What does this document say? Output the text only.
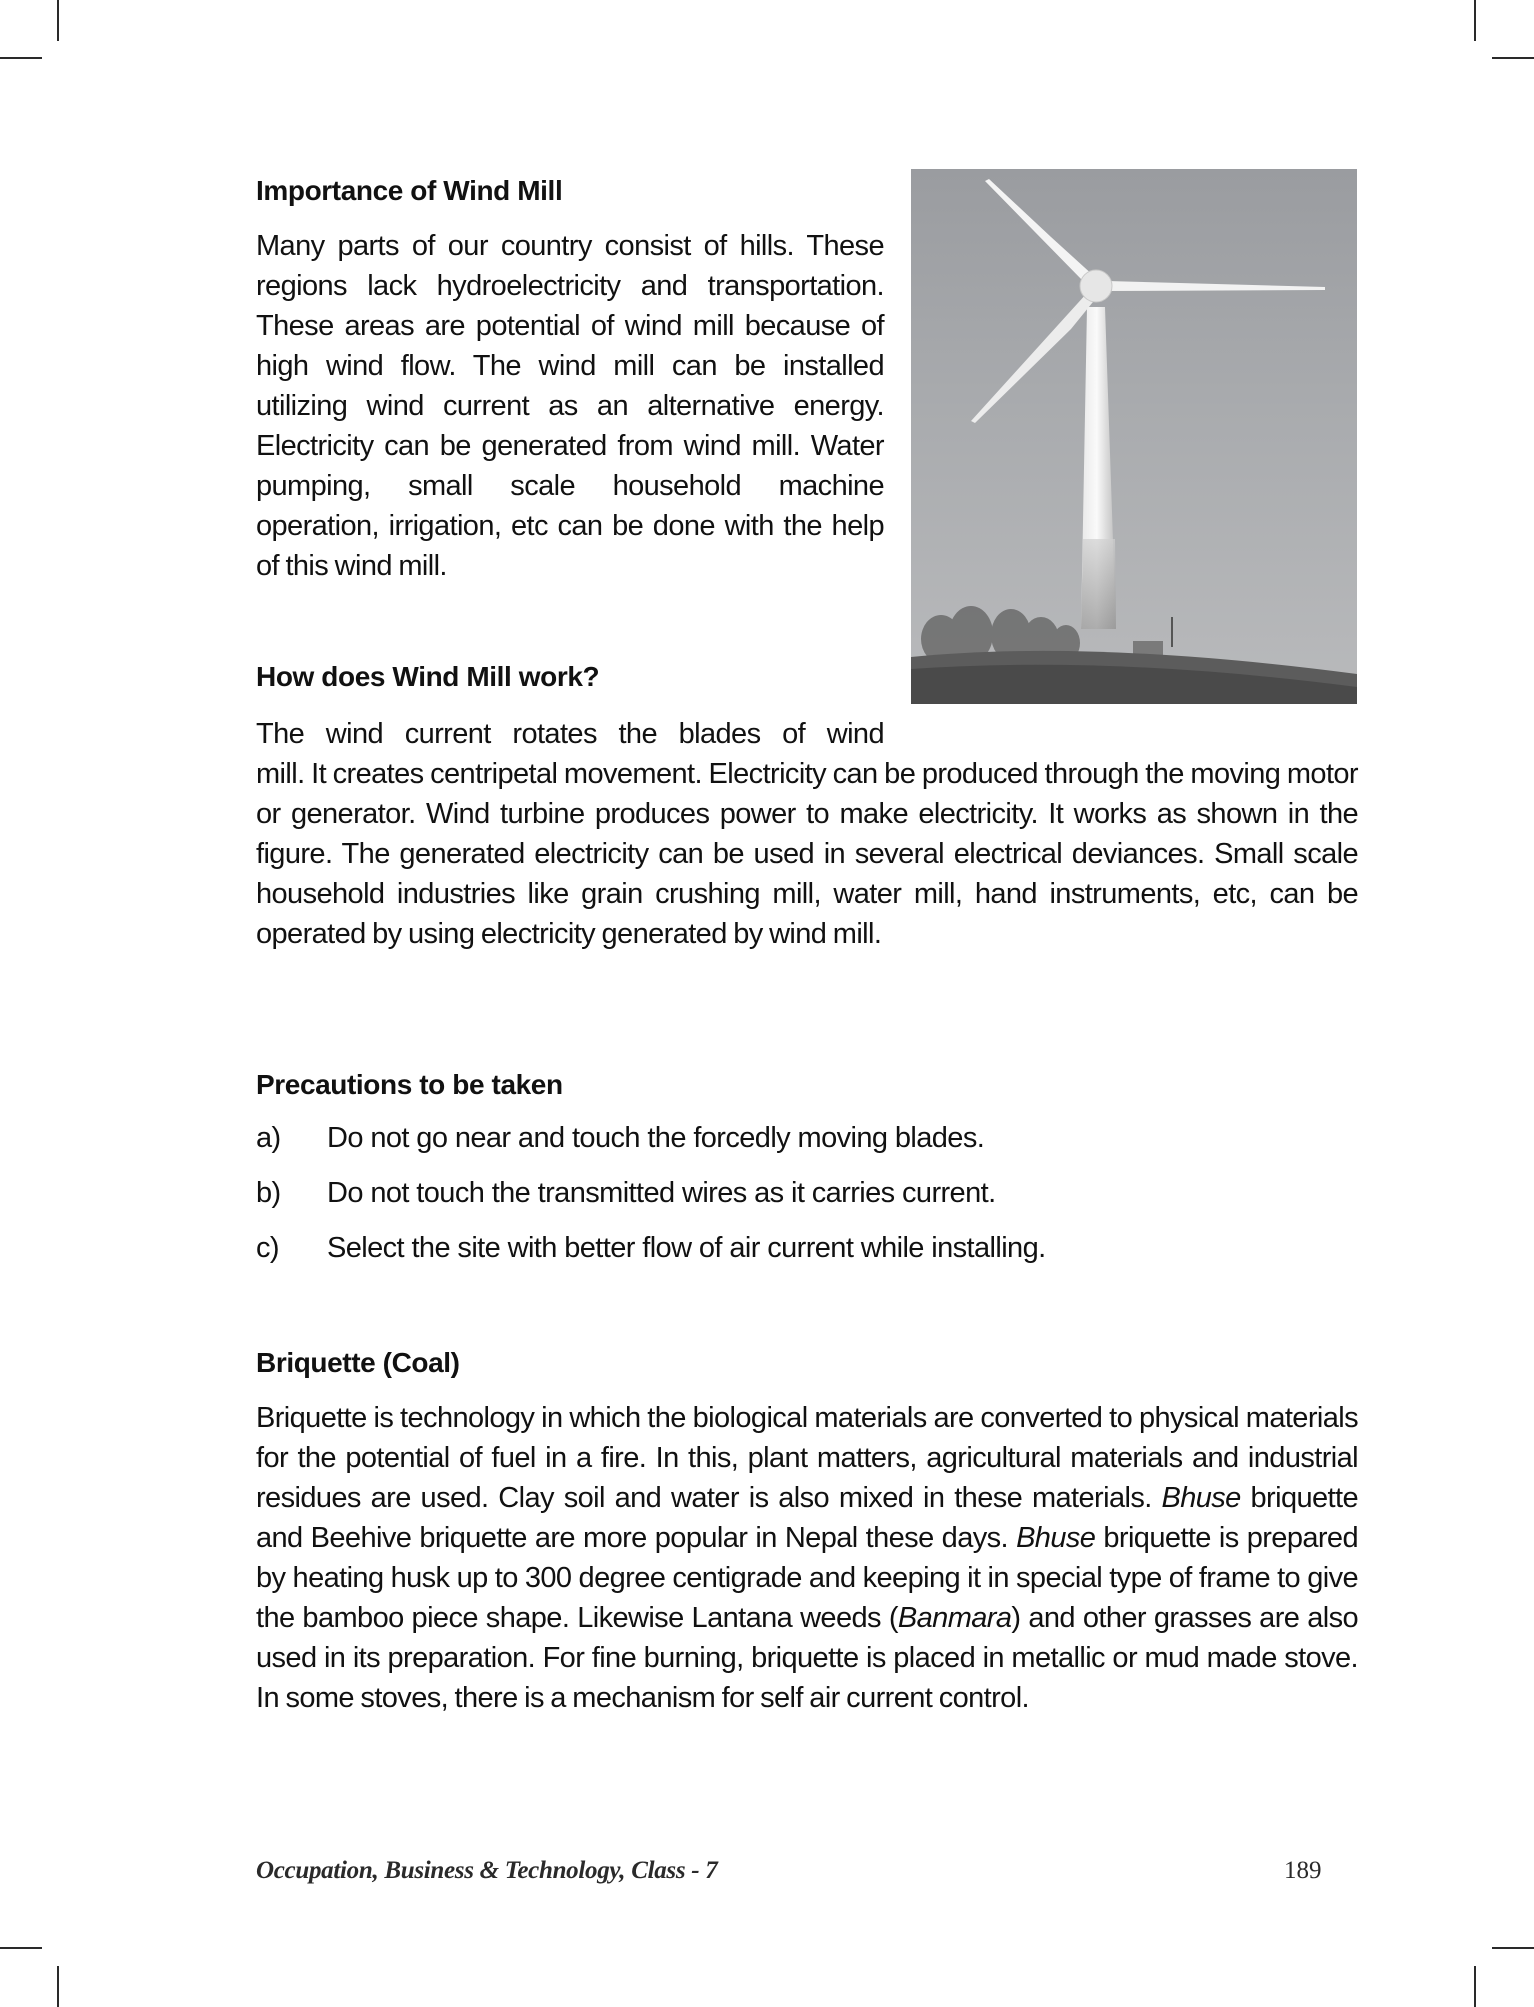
Importance of Wind Mill

Many parts of our country consist of hills. These regions lack hydroelectricity and transportation. These areas are potential of wind mill because of high wind flow. The wind mill can be installed utilizing wind current as an alternative energy. Electricity can be generated from wind mill. Water pumping, small scale household machine operation, irrigation, etc can be done with the help of this wind mill.

How does Wind Mill work?

The wind current rotates the blades of wind

mill. It creates centripetal movement. Electricity can be produced through the moving motor or generator. Wind turbine produces power to make electricity. It works as shown in the figure. The generated electricity can be used in several electrical deviances. Small scale household industries like grain crushing mill, water mill, hand instruments, etc, can be operated by using electricity generated by wind mill.

Precautions to be taken
a) Do not go near and touch the forcedly moving blades.
b) Do not touch the transmitted wires as it carries current.
c) Select the site with better flow of air current while installing.
Briquette (Coal)

Briquette is technology in which the biological materials are converted to physical materials for the potential of fuel in a fire. In this, plant matters, agricultural materials and industrial residues are used. Clay soil and water is also mixed in these materials. Bhuse briquette and Beehive briquette are more popular in Nepal these days. Bhuse briquette is prepared by heating husk up to 300 degree centigrade and keeping it in special type of frame to give the bamboo piece shape. Likewise Lantana weeds (Banmara) and other grasses are also used in its preparation. For fine burning, briquette is placed in metallic or mud made stove. In some stoves, there is a mechanism for self air current control.

Occupation, Business & Technology, Class - 7	189
